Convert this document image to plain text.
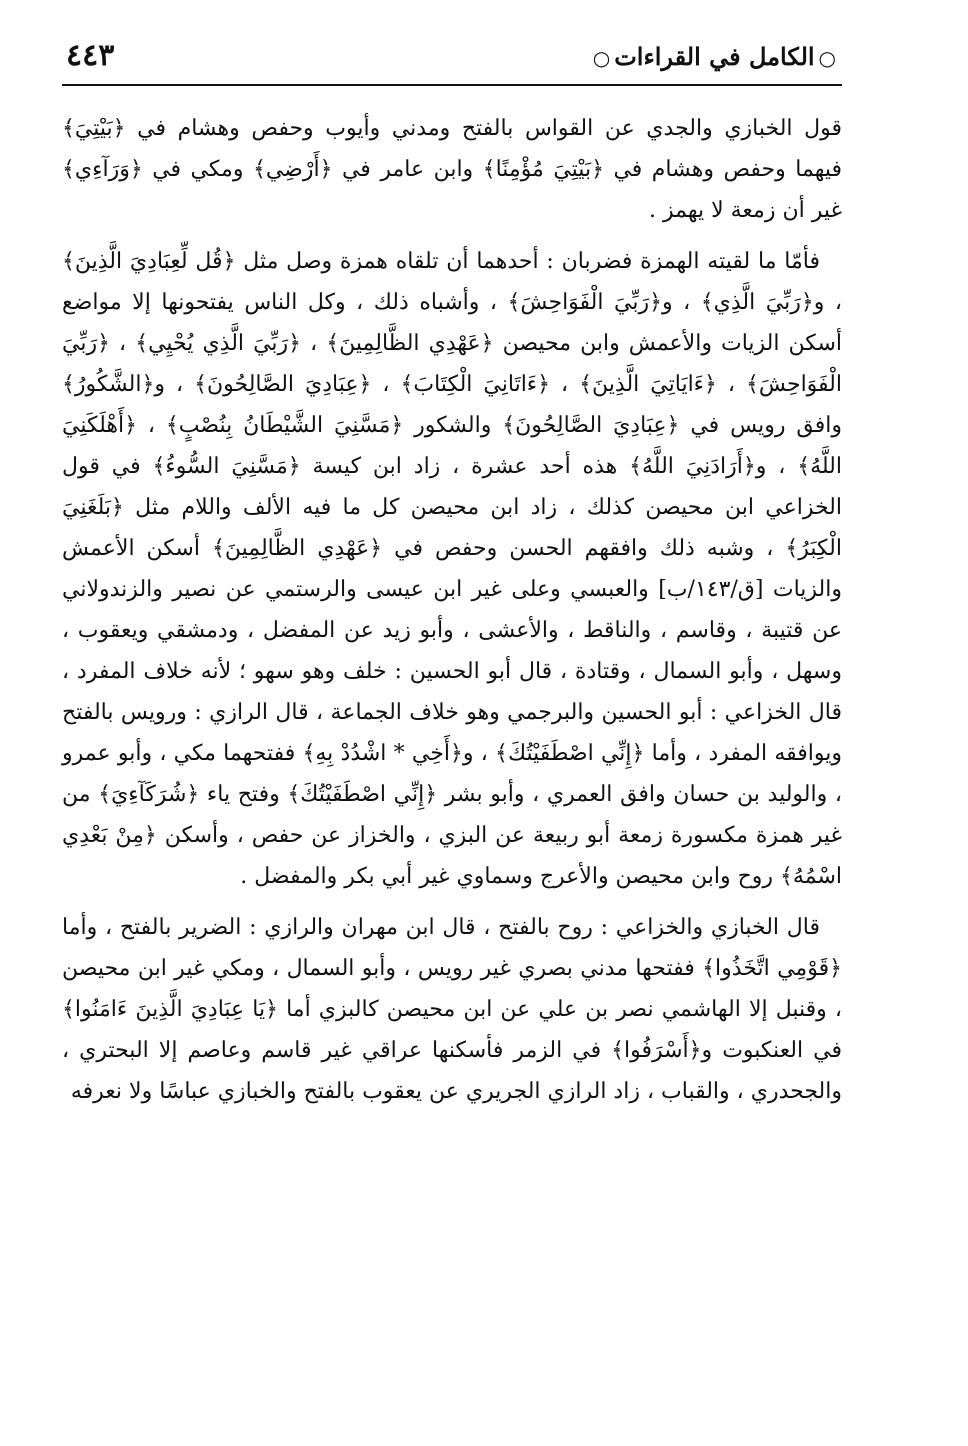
○الكامل في القراءات○
٤٤٣

قول الخبازي والجدي عن القواس بالفتح ومدني وأيوب وحفص وهشام في ﴿بَيْتِيَ﴾ فيهما وحفص وهشام في ﴿بَيْتِيَ مُؤْمِنًا﴾ وابن عامر في ﴿أَرْضِي﴾ ومكي في ﴿وَرَآءِي﴾ غير أن زمعة لا يهمز .

فأمّا ما لقيته الهمزة فضربان : أحدهما أن تلقاه همزة وصل مثل ﴿قُل لِّعِبَادِيَ الَّذِينَ﴾ ، و﴿رَبِّيَ الَّذِي﴾ ، و﴿رَبِّيَ الْفَوَاحِشَ﴾ ، وأشباه ذلك ، وكل الناس يفتحونها إلا مواضع أسكن الزيات والأعمش وابن محيصن ﴿عَهْدِي الظَّالِمِينَ﴾ ، ﴿رَبِّيَ الَّذِي يُحْيِي﴾ ، ﴿رَبِّيَ الْفَوَاحِشَ﴾ ، ﴿ءَايَاتِيَ الَّذِينَ﴾ ، ﴿ءَاتَانِيَ الْكِتَابَ﴾ ، ﴿عِبَادِيَ الصَّالِحُونَ﴾ ، و﴿الشَّكُورُ﴾ وافق رويس في ﴿عِبَادِيَ الصَّالِحُونَ﴾ والشكور ﴿مَسَّنِيَ الشَّيْطَانُ بِنُصْبٍ﴾ ، ﴿أَهْلَكَنِيَ اللَّهُ﴾ ، و﴿أَرَادَنِيَ اللَّهُ﴾ هذه أحد عشرة ، زاد ابن كيسة ﴿مَسَّنِيَ السُّوءُ﴾ في قول الخزاعي ابن محيصن كذلك ، زاد ابن محيصن كل ما فيه الألف واللام مثل ﴿بَلَغَنِيَ الْكِبَرُ﴾ ، وشبه ذلك وافقهم الحسن وحفص في ﴿عَهْدِي الظَّالِمِينَ﴾ أسكن الأعمش والزيات [ق/١٤٣/ب] والعبسي وعلى غير ابن عيسى والرستمي عن نصير والزندولاني عن قتيبة ، وقاسم ، والناقط ، والأعشى ، وأبو زيد عن المفضل ، ودمشقي ويعقوب ، وسهل ، وأبو السمال ، وقتادة ، قال أبو الحسين : خلف وهو سهو ؛ لأنه خلاف المفرد ، قال الخزاعي : أبو الحسين والبرجمي وهو خلاف الجماعة ، قال الرازي : ورويس بالفتح ويوافقه المفرد ، وأما ﴿إِنِّي اصْطَفَيْتُكَ﴾ ، و﴿أَخِي * اشْدُدْ بِهِ﴾ ففتحهما مكي ، وأبو عمرو ، والوليد بن حسان وافق العمري ، وأبو بشر ﴿إِنِّي اصْطَفَيْتُكَ﴾ وفتح ياء ﴿شُرَكَآءِيَ﴾ من غير همزة مكسورة زمعة أبو ربيعة عن البزي ، والخزاز عن حفص ، وأسكن ﴿مِنْ بَعْدِي اسْمُهُ﴾ روح وابن محيصن والأعرج وسماوي غير أبي بكر والمفضل .

قال الخبازي والخزاعي : روح بالفتح ، قال ابن مهران والرازي : الضرير بالفتح ، وأما ﴿قَوْمِي اتَّخَذُوا﴾ ففتحها مدني بصري غير رويس ، وأبو السمال ، ومكي غير ابن محيصن ، وقنبل إلا الهاشمي نصر بن علي عن ابن محيصن كالبزي أما ﴿يَا عِبَادِيَ الَّذِينَ ءَامَنُوا﴾ في العنكبوت و﴿أَسْرَفُوا﴾ في الزمر فأسكنها عراقي غير قاسم وعاصم إلا البحتري ، والجحدري ، والقباب ، زاد الرازي الجريري عن يعقوب بالفتح والخبازي عباسًا ولا نعرفه
